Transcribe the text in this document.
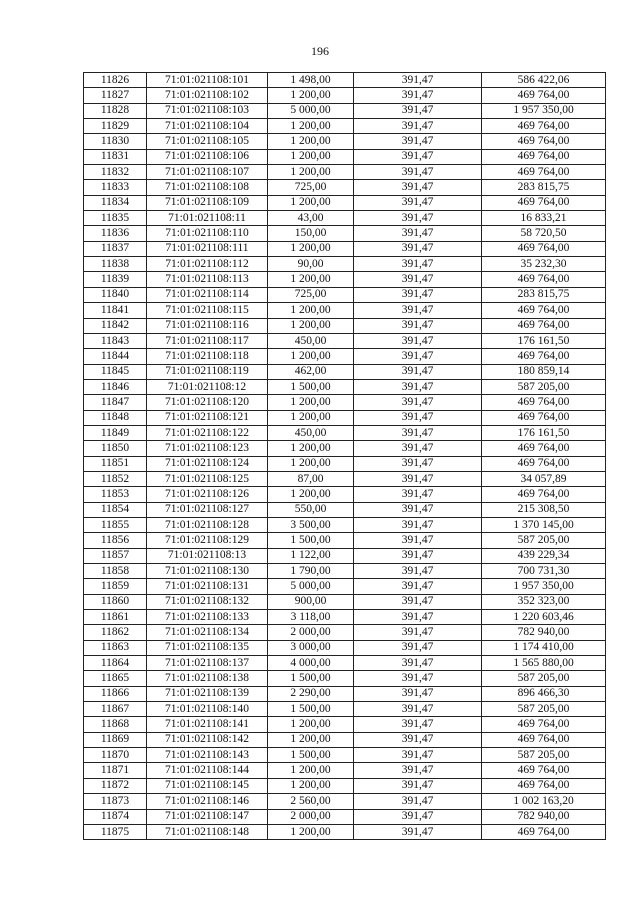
196
11826	71:01:021108:101	1 498,00	391,47	586 422,06
11827	71:01:021108:102	1 200,00	391,47	469 764,00
11828	71:01:021108:103	5 000,00	391,47	1 957 350,00
11829	71:01:021108:104	1 200,00	391,47	469 764,00
11830	71:01:021108:105	1 200,00	391,47	469 764,00
11831	71:01:021108:106	1 200,00	391,47	469 764,00
11832	71:01:021108:107	1 200,00	391,47	469 764,00
11833	71:01:021108:108	725,00	391,47	283 815,75
11834	71:01:021108:109	1 200,00	391,47	469 764,00
11835	71:01:021108:11	43,00	391,47	16 833,21
11836	71:01:021108:110	150,00	391,47	58 720,50
11837	71:01:021108:111	1 200,00	391,47	469 764,00
11838	71:01:021108:112	90,00	391,47	35 232,30
11839	71:01:021108:113	1 200,00	391,47	469 764,00
11840	71:01:021108:114	725,00	391,47	283 815,75
11841	71:01:021108:115	1 200,00	391,47	469 764,00
11842	71:01:021108:116	1 200,00	391,47	469 764,00
11843	71:01:021108:117	450,00	391,47	176 161,50
11844	71:01:021108:118	1 200,00	391,47	469 764,00
11845	71:01:021108:119	462,00	391,47	180 859,14
11846	71:01:021108:12	1 500,00	391,47	587 205,00
11847	71:01:021108:120	1 200,00	391,47	469 764,00
11848	71:01:021108:121	1 200,00	391,47	469 764,00
11849	71:01:021108:122	450,00	391,47	176 161,50
11850	71:01:021108:123	1 200,00	391,47	469 764,00
11851	71:01:021108:124	1 200,00	391,47	469 764,00
11852	71:01:021108:125	87,00	391,47	34 057,89
11853	71:01:021108:126	1 200,00	391,47	469 764,00
11854	71:01:021108:127	550,00	391,47	215 308,50
11855	71:01:021108:128	3 500,00	391,47	1 370 145,00
11856	71:01:021108:129	1 500,00	391,47	587 205,00
11857	71:01:021108:13	1 122,00	391,47	439 229,34
11858	71:01:021108:130	1 790,00	391,47	700 731,30
11859	71:01:021108:131	5 000,00	391,47	1 957 350,00
11860	71:01:021108:132	900,00	391,47	352 323,00
11861	71:01:021108:133	3 118,00	391,47	1 220 603,46
11862	71:01:021108:134	2 000,00	391,47	782 940,00
11863	71:01:021108:135	3 000,00	391,47	1 174 410,00
11864	71:01:021108:137	4 000,00	391,47	1 565 880,00
11865	71:01:021108:138	1 500,00	391,47	587 205,00
11866	71:01:021108:139	2 290,00	391,47	896 466,30
11867	71:01:021108:140	1 500,00	391,47	587 205,00
11868	71:01:021108:141	1 200,00	391,47	469 764,00
11869	71:01:021108:142	1 200,00	391,47	469 764,00
11870	71:01:021108:143	1 500,00	391,47	587 205,00
11871	71:01:021108:144	1 200,00	391,47	469 764,00
11872	71:01:021108:145	1 200,00	391,47	469 764,00
11873	71:01:021108:146	2 560,00	391,47	1 002 163,20
11874	71:01:021108:147	2 000,00	391,47	782 940,00
11875	71:01:021108:148	1 200,00	391,47	469 764,00
